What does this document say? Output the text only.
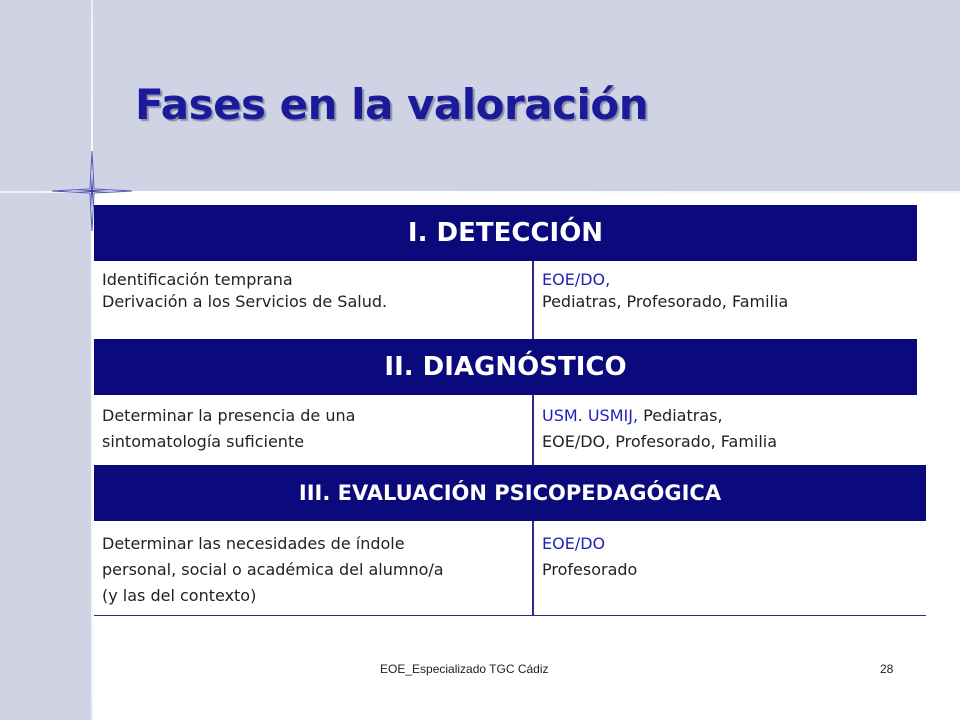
Fases en la valoración
I. DETECCIÓN
Identificación temprana
Derivación a los Servicios de Salud.
EOE/DO,
Pediatras, Profesorado, Familia
II. DIAGNÓSTICO
Determinar la presencia de una
sintomatología suficiente
USM. USMIJ, Pediatras,
EOE/DO, Profesorado, Familia
III. EVALUACIÓN PSICOPEDAGÓGICA
Determinar las necesidades de índole
personal, social o académica del alumno/a
(y las del contexto)
EOE/DO
Profesorado
EOE_Especializado TGC Cádiz	28
